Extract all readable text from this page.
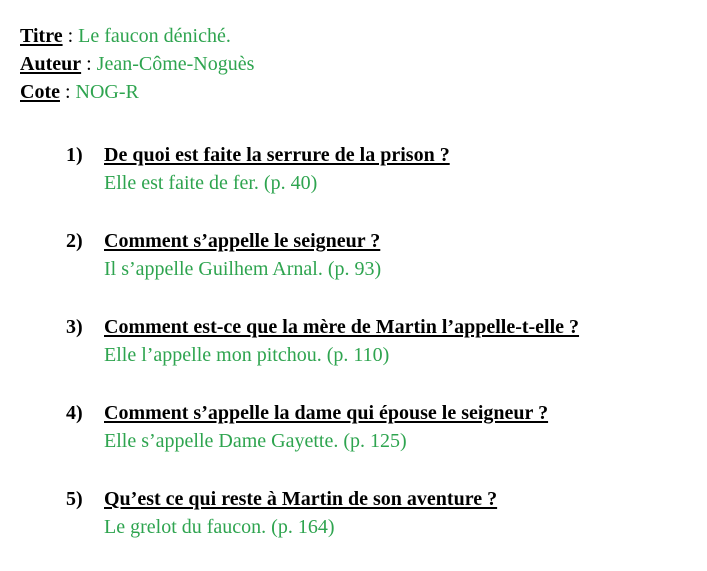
Titre : Le faucon déniché.
Auteur : Jean-Côme-Noguès
Cote : NOG-R
1) De quoi est faite la serrure de la prison ?
Elle est faite de fer. (p. 40)
2) Comment s’appelle le seigneur ?
Il s’appelle Guilhem Arnal. (p. 93)
3) Comment est-ce que la mère de Martin l’appelle-t-elle ?
Elle l’appelle mon pitchou. (p. 110)
4) Comment s’appelle la dame qui épouse le seigneur ?
Elle s’appelle Dame Gayette. (p. 125)
5) Qu’est ce qui reste à Martin de son aventure ?
Le grelot du faucon. (p. 164)
